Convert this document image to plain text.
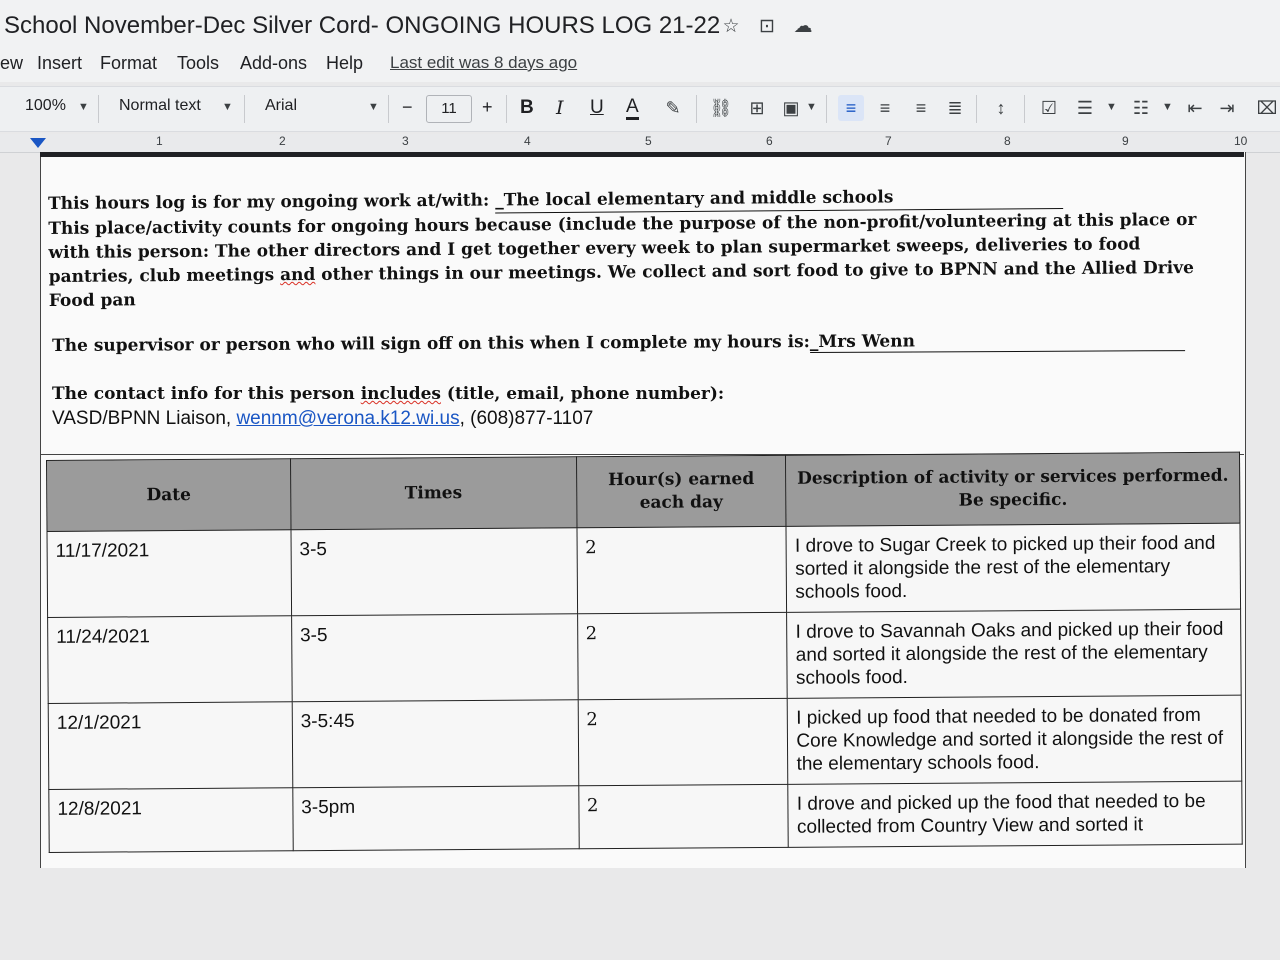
School November-Dec Silver Cord- ONGOING HOURS LOG 21-22 ☆ ⊡ ☁
ew Insert Format Tools Add-ons Help Last edit was 8 days ago
100% ▼ Normal text ▼ Arial	▼ −	11	+ B I U A	✎	⛓ ⊞ ▣ ▼	≡	≡	≡	≣	↕	☑ ☰	▼ ☷	▼ ⇤ ⇥	⌧
1	2	3	4	5	6	7	8	9	10

This hours log is for my ongoing work at/with: _The local elementary and middle schools

This place/activity counts for ongoing hours because (include the purpose of the non-profit/volunteering at this place or with this person: The other directors and I get together every week to plan supermarket sweeps, deliveries to food pantries, club meetings and other things in our meetings. We collect and sort food to give to BPNN and the Allied Drive Food pan

The supervisor or person who will sign off on this when I complete my hours is:_Mrs Wenn
The contact info for this person includes (title, email, phone number):
VASD/BPNN Liaison, wennm@verona.k12.wi.us, (608)877-1107
Date	Times	Hour(s) earned each day	Description of activity or services performed. Be specific.
11/17/2021	3-5	2	I drove to Sugar Creek to picked up their food and sorted it alongside the rest of the elementary schools food.
11/24/2021	3-5	2	I drove to Savannah Oaks and picked up their food and sorted it alongside the rest of the elementary schools food.
12/1/2021	3-5:45	2	I picked up food that needed to be donated from Core Knowledge and sorted it alongside the rest of the elementary schools food.
12/8/2021	3-5pm	2	I drove and picked up the food that needed to be collected from Country View and sorted it
